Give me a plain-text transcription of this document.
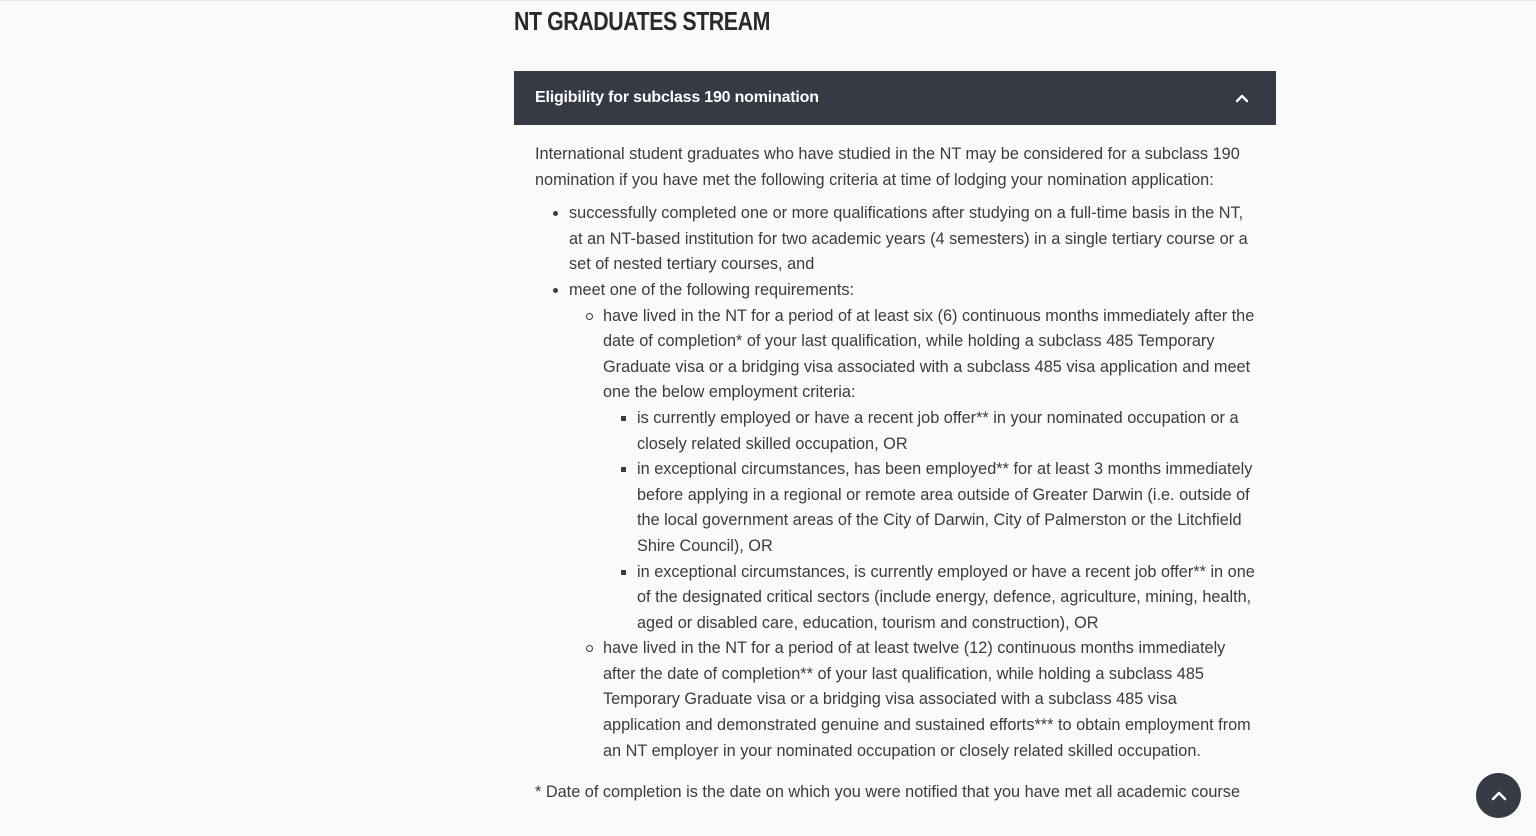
NT GRADUATES STREAM
Eligibility for subclass 190 nomination

International student graduates who have studied in the NT may be considered for a subclass 190 nomination if you have met the following criteria at time of lodging your nomination application:

successfully completed one or more qualifications after studying on a full-time basis in the NT, at an NT-based institution for two academic years (4 semesters) in a single tertiary course or a set of nested tertiary courses, and
meet one of the following requirements:
have lived in the NT for a period of at least six (6) continuous months immediately after the date of completion* of your last qualification, while holding a subclass 485 Temporary Graduate visa or a bridging visa associated with a subclass 485 visa application and meet one the below employment criteria:
is currently employed or have a recent job offer** in your nominated occupation or a closely related skilled occupation, OR
in exceptional circumstances, has been employed** for at least 3 months immediately before applying in a regional or remote area outside of Greater Darwin (i.e. outside of the local government areas of the City of Darwin, City of Palmerston or the Litchfield Shire Council), OR
in exceptional circumstances, is currently employed or have a recent job offer** in one of the designated critical sectors (include energy, defence, agriculture, mining, health, aged or disabled care, education, tourism and construction), OR
have lived in the NT for a period of at least twelve (12) continuous months immediately after the date of completion** of your last qualification, while holding a subclass 485 Temporary Graduate visa or a bridging visa associated with a subclass 485 visa application and demonstrated genuine and sustained efforts*** to obtain employment from an NT employer in your nominated occupation or closely related skilled occupation.

* Date of completion is the date on which you were notified that you have met all academic course
